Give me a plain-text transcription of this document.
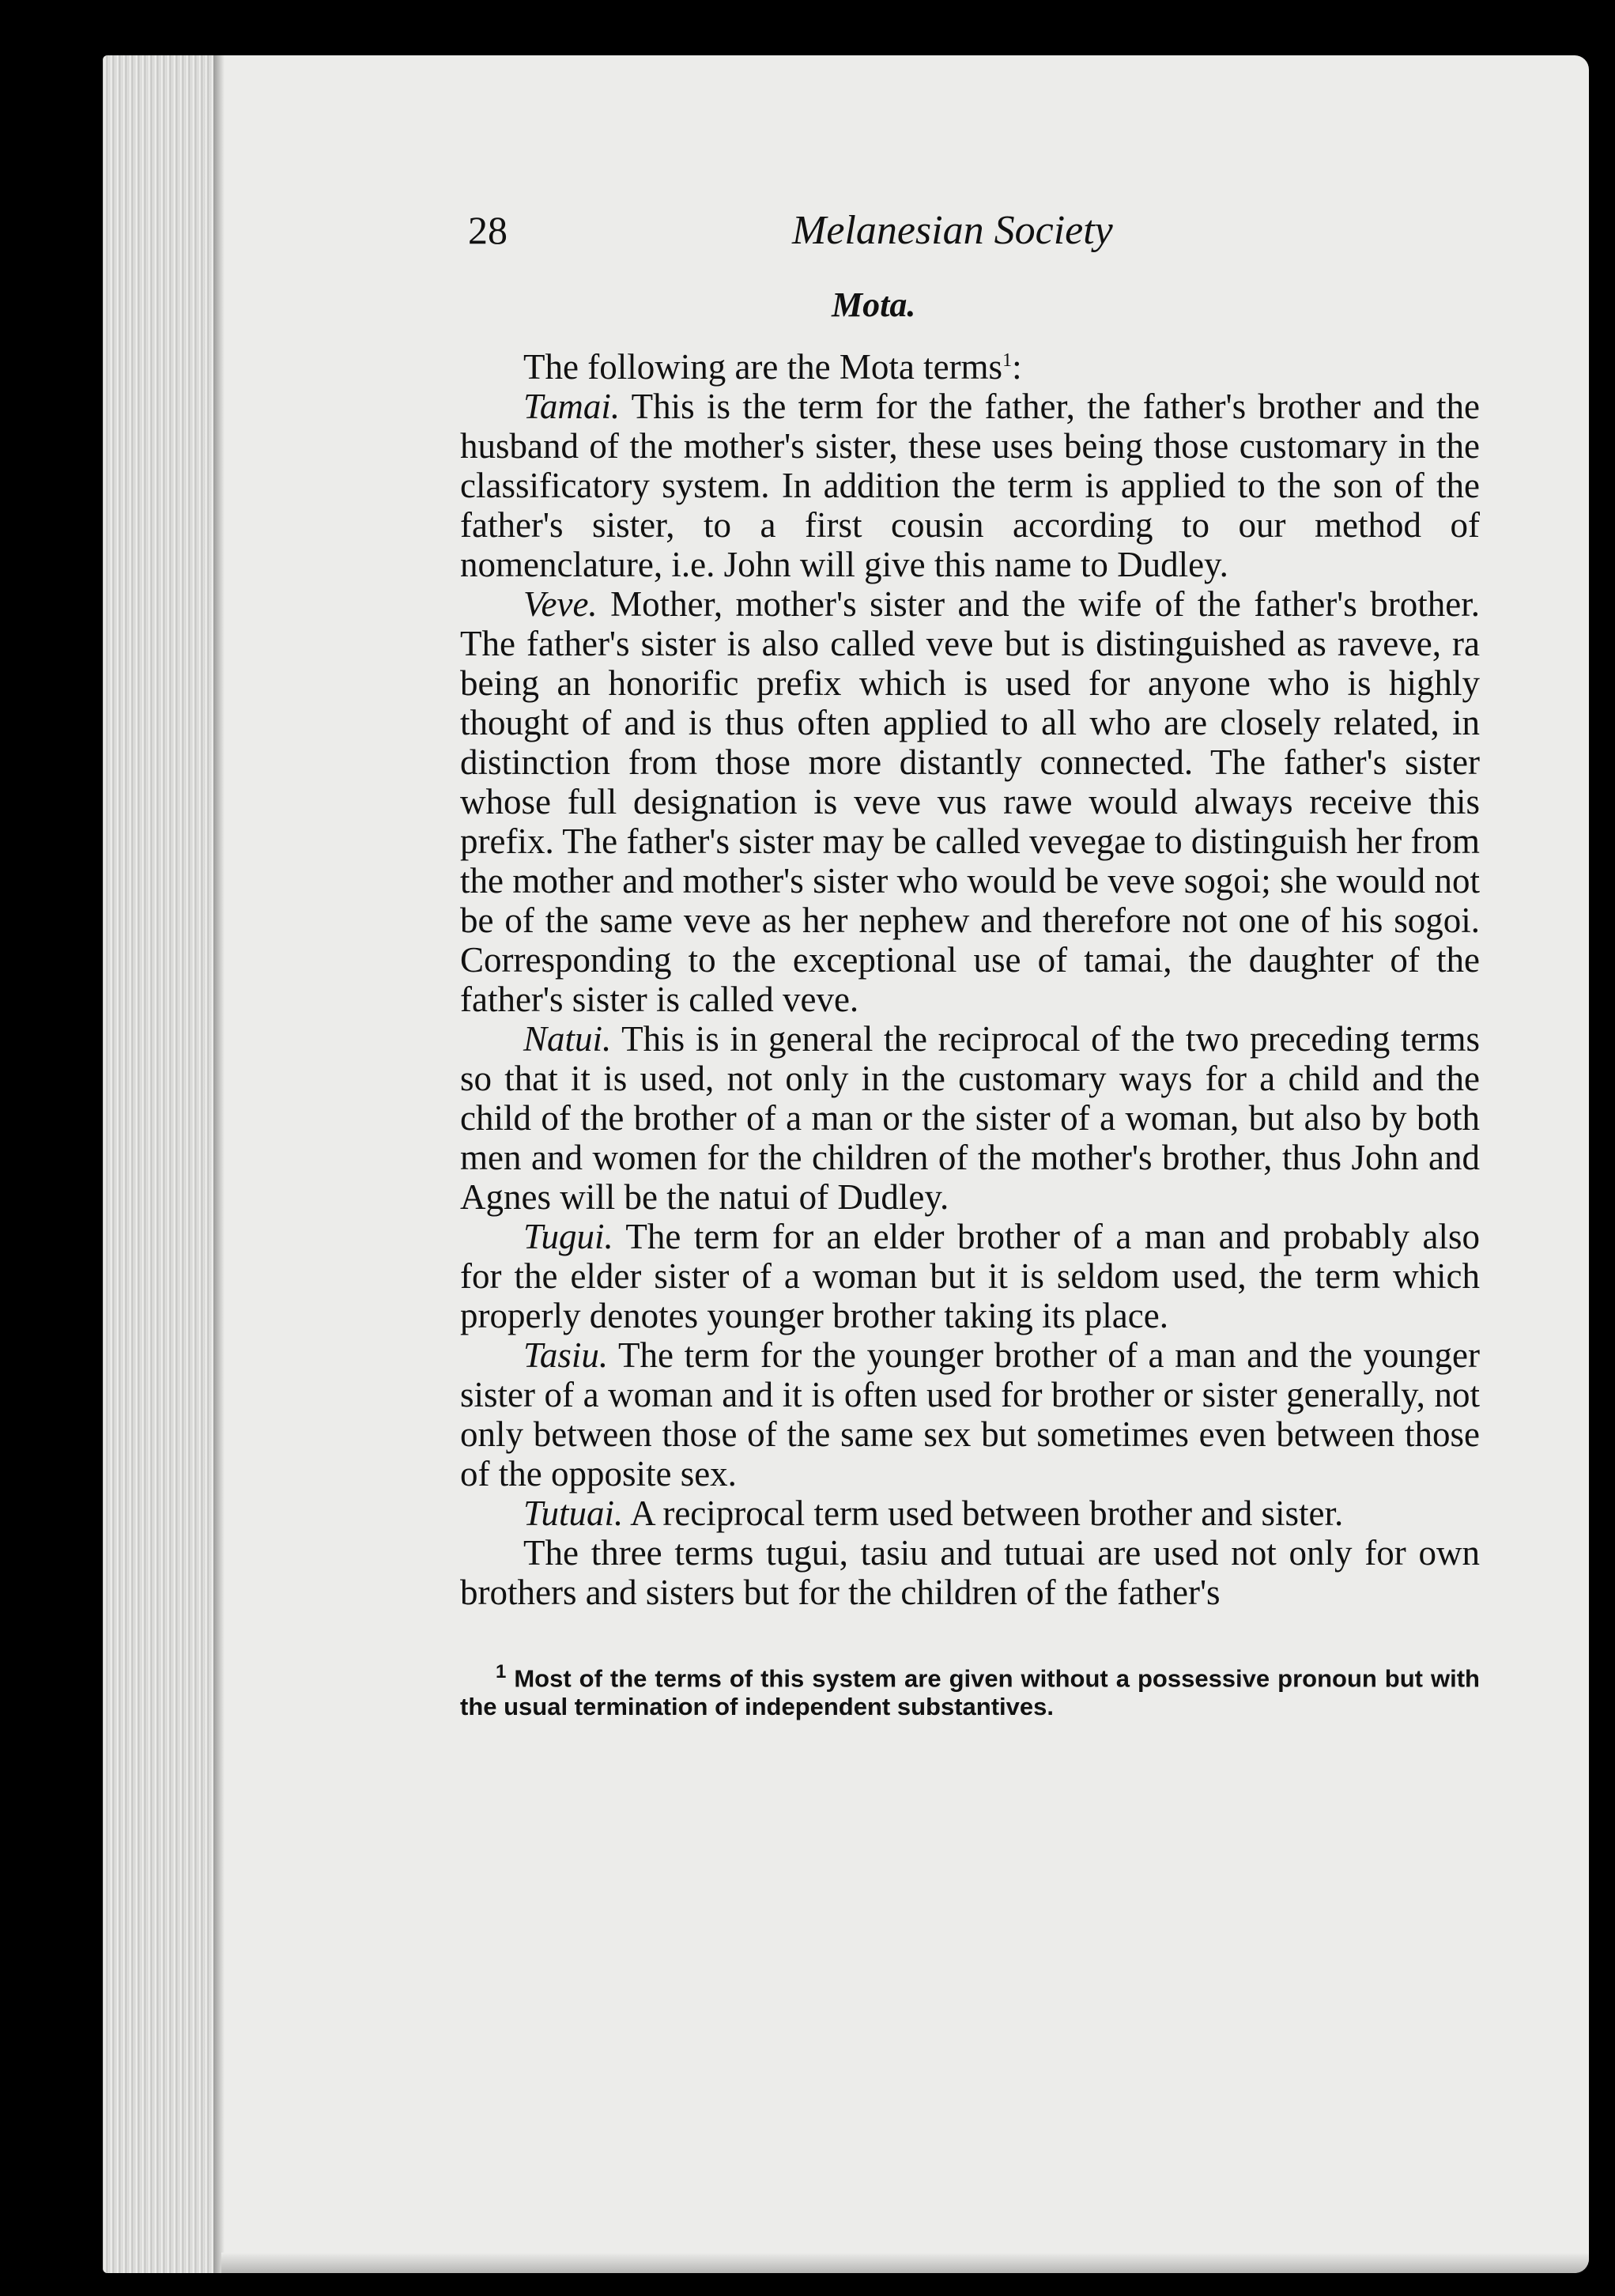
28	Melanesian Society
Mota.

The following are the Mota terms$^1$:

Tamai. This is the term for the father, the father's brother and the husband of the mother's sister, these uses being those customary in the classificatory system. In addition the term is applied to the son of the father's sister, to a first cousin according to our method of nomenclature, i.e. John will give this name to Dudley.

Veve. Mother, mother's sister and the wife of the father's brother. The father's sister is also called veve but is distinguished as raveve, ra being an honorific prefix which is used for anyone who is highly thought of and is thus often applied to all who are closely related, in distinction from those more distantly connected. The father's sister whose full designation is veve vus rawe would always receive this prefix. The father's sister may be called vevegae to distinguish her from the mother and mother's sister who would be veve sogoi; she would not be of the same veve as her nephew and therefore not one of his sogoi. Corresponding to the exceptional use of tamai, the daughter of the father's sister is called veve.

Natui. This is in general the reciprocal of the two preceding terms so that it is used, not only in the customary ways for a child and the child of the brother of a man or the sister of a woman, but also by both men and women for the children of the mother's brother, thus John and Agnes will be the natui of Dudley.

Tugui. The term for an elder brother of a man and probably also for the elder sister of a woman but it is seldom used, the term which properly denotes younger brother taking its place.

Tasiu. The term for the younger brother of a man and the younger sister of a woman and it is often used for brother or sister generally, not only between those of the same sex but sometimes even between those of the opposite sex.

Tutuai. A reciprocal term used between brother and sister.

The three terms tugui, tasiu and tutuai are used not only for own brothers and sisters but for the children of the father's

$^1$ Most of the terms of this system are given without a possessive pronoun but with the usual termination of independent substantives.
